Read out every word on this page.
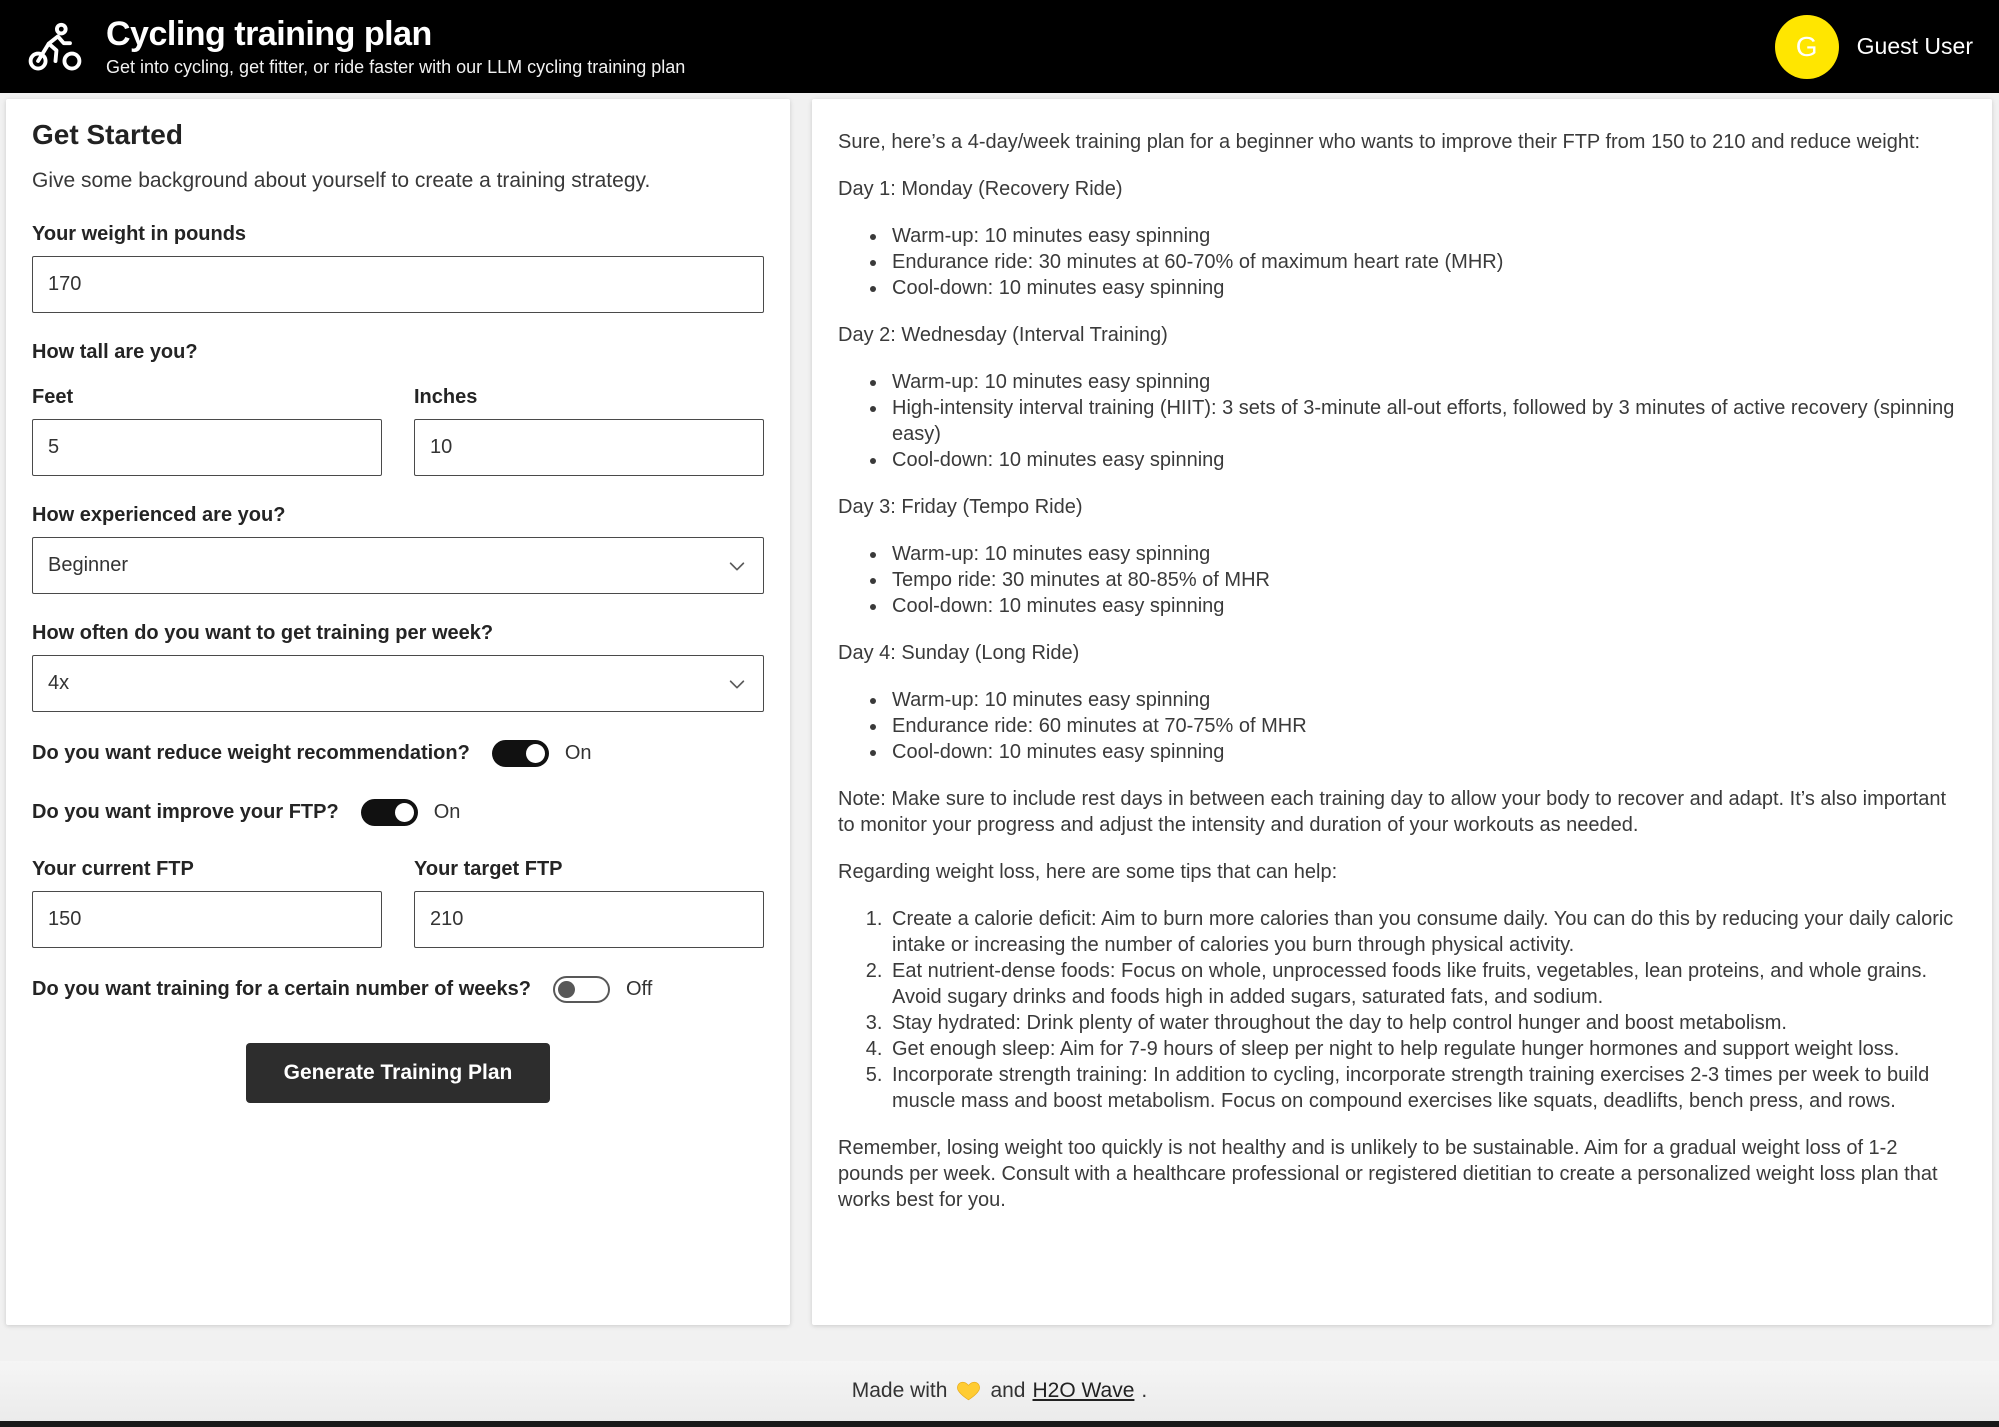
Cycling training plan
Get into cycling, get fitter, or ride faster with our LLM cycling training plan
G	Guest User
Get Started
Give some background about yourself to create a training strategy.
Your weight in pounds
170
How tall are you?
Feet
5	Inches
10
How experienced are you?
Beginner
How often do you want to get training per week?
4x
Do you want reduce weight recommendation?	On
Do you want improve your FTP?	On
Your current FTP
150	Your target FTP
210
Do you want training for a certain number of weeks?	Off
Generate Training Plan

Sure, here’s a 4-day/week training plan for a beginner who wants to improve their FTP from 150 to 210 and reduce weight:

Day 1: Monday (Recovery Ride)

• Warm-up: 10 minutes easy spinning
• Endurance ride: 30 minutes at 60-70% of maximum heart rate (MHR)
• Cool-down: 10 minutes easy spinning

Day 2: Wednesday (Interval Training)

• Warm-up: 10 minutes easy spinning
• High-intensity interval training (HIIT): 3 sets of 3-minute all-out efforts, followed by 3 minutes of active recovery (spinning easy)
• Cool-down: 10 minutes easy spinning

Day 3: Friday (Tempo Ride)

• Warm-up: 10 minutes easy spinning
• Tempo ride: 30 minutes at 80-85% of MHR
• Cool-down: 10 minutes easy spinning

Day 4: Sunday (Long Ride)

• Warm-up: 10 minutes easy spinning
• Endurance ride: 60 minutes at 70-75% of MHR
• Cool-down: 10 minutes easy spinning

Note: Make sure to include rest days in between each training day to allow your body to recover and adapt. It’s also important to monitor your progress and adjust the intensity and duration of your workouts as needed.

Regarding weight loss, here are some tips that can help:

1. Create a calorie deficit: Aim to burn more calories than you consume daily. You can do this by reducing your daily caloric intake or increasing the number of calories you burn through physical activity.
2. Eat nutrient-dense foods: Focus on whole, unprocessed foods like fruits, vegetables, lean proteins, and whole grains. Avoid sugary drinks and foods high in added sugars, saturated fats, and sodium.
3. Stay hydrated: Drink plenty of water throughout the day to help control hunger and boost metabolism.
4. Get enough sleep: Aim for 7-9 hours of sleep per night to help regulate hunger hormones and support weight loss.
5. Incorporate strength training: In addition to cycling, incorporate strength training exercises 2-3 times per week to build muscle mass and boost metabolism. Focus on compound exercises like squats, deadlifts, bench press, and rows.

Remember, losing weight too quickly is not healthy and is unlikely to be sustainable. Aim for a gradual weight loss of 1-2 pounds per week. Consult with a healthcare professional or registered dietitian to create a personalized weight loss plan that works best for you.

Made with and H2O Wave .
